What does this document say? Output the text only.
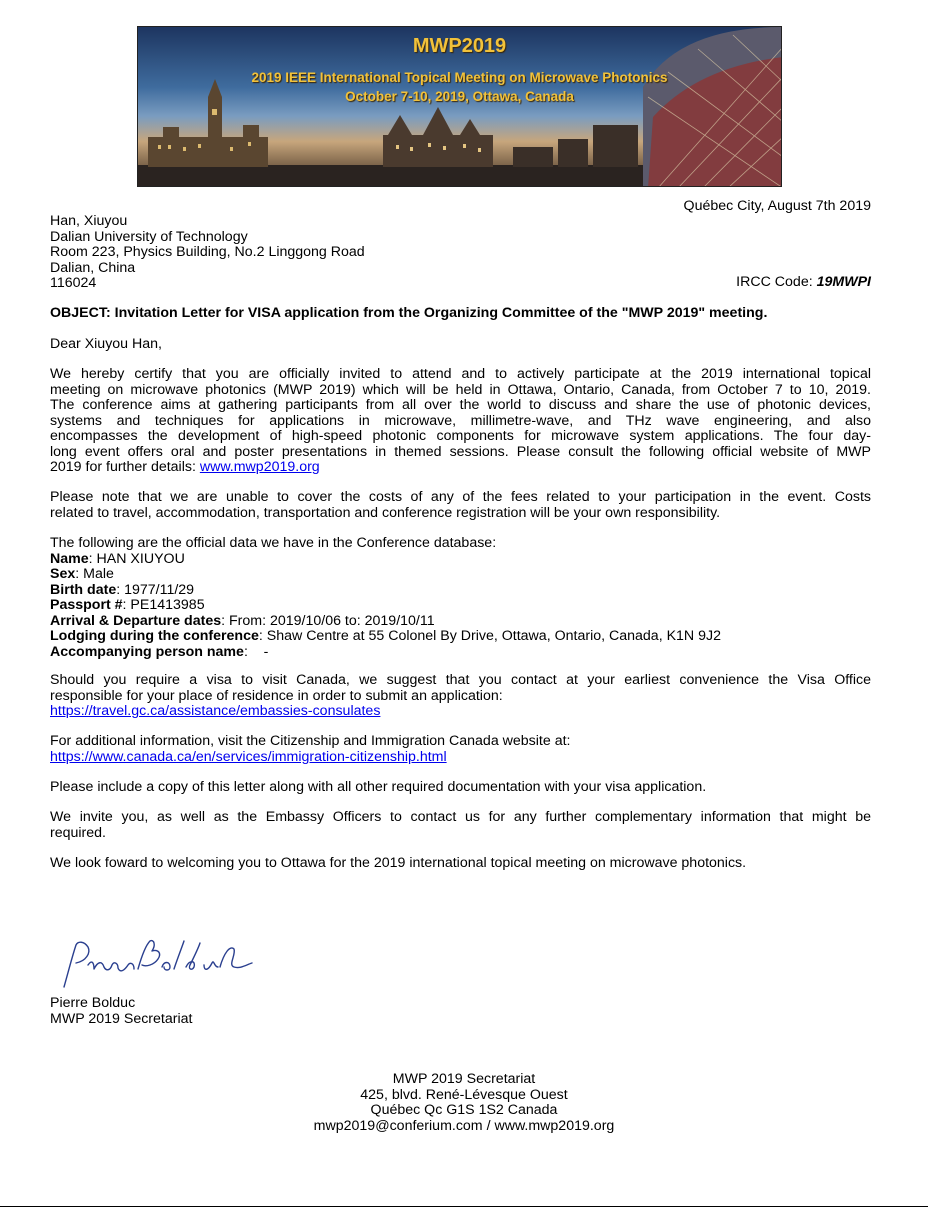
MWP2019
2019 IEEE International Topical Meeting on Microwave Photonics
October 7-10, 2019, Ottawa, Canada
Québec City, August 7th 2019
Han, Xiuyou
Dalian University of Technology
Room 223, Physics Building, No.2 Linggong Road
Dalian, China
116024	IRCC Code: 19MWPI
OBJECT: Invitation Letter for VISA application from the Organizing Committee of the "MWP 2019" meeting.
Dear Xiuyou Han,
We hereby certify that you are officially invited to attend and to actively participate at the 2019 international topical
meeting on microwave photonics (MWP 2019) which will be held in Ottawa, Ontario, Canada, from October 7 to 10, 2019.
The conference aims at gathering participants from all over the world to discuss and share the use of photonic devices,
systems and techniques for applications in microwave, millimetre-wave, and THz wave engineering, and also
encompasses the development of high-speed photonic components for microwave system applications. The four day-
long event offers oral and poster presentations in themed sessions. Please consult the following official website of MWP
2019 for further details: www.mwp2019.org
Please note that we are unable to cover the costs of any of the fees related to your participation in the event. Costs
related to travel, accommodation, transportation and conference registration will be your own responsibility.
The following are the official data we have in the Conference database:
Name: HAN XIUYOU
Sex: Male
Birth date: 1977/11/29
Passport #: PE1413985
Arrival & Departure dates: From: 2019/10/06 to: 2019/10/11
Lodging during the conference: Shaw Centre at 55 Colonel By Drive, Ottawa, Ontario, Canada, K1N 9J2
Accompanying person name:    -
Should you require a visa to visit Canada, we suggest that you contact at your earliest convenience the Visa Office
responsible for your place of residence in order to submit an application:
https://travel.gc.ca/assistance/embassies-consulates
For additional information, visit the Citizenship and Immigration Canada website at:
https://www.canada.ca/en/services/immigration-citizenship.html
Please include a copy of this letter along with all other required documentation with your visa application.
We invite you, as well as the Embassy Officers to contact us for any further complementary information that might be
required.
We look foward to welcoming you to Ottawa for the 2019 international topical meeting on microwave photonics.
Pierre Bolduc
MWP 2019 Secretariat
MWP 2019 Secretariat
425, blvd. René-Lévesque Ouest
Québec Qc G1S 1S2 Canada
mwp2019@conferium.com / www.mwp2019.org
